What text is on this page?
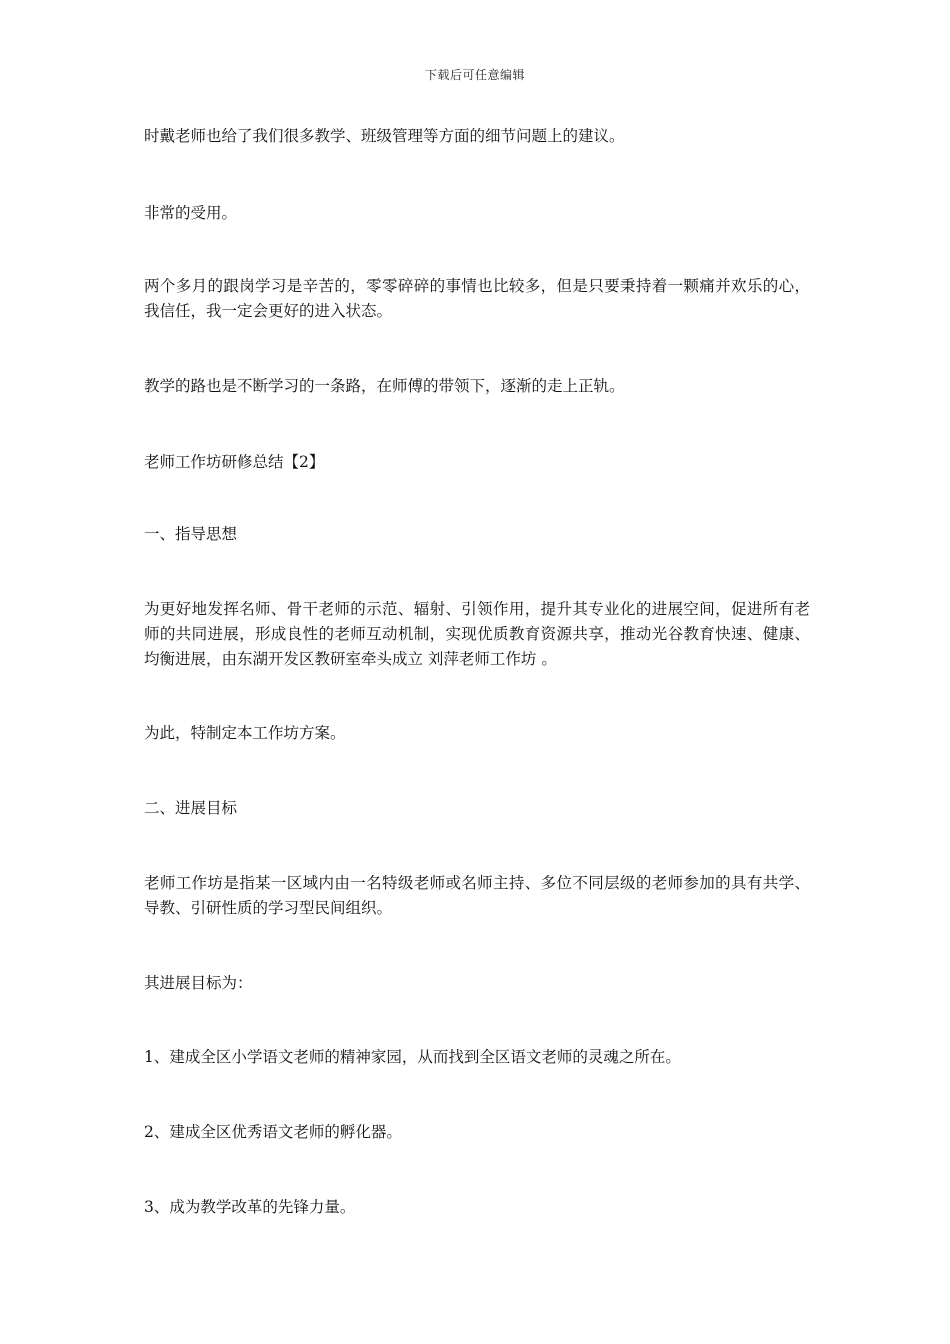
下载后可任意编辑

时戴老师也给了我们很多教学、班级管理等方面的细节问题上的建议。

非常的受用。

两个多月的跟岗学习是辛苦的，零零碎碎的事情也比较多，但是只要秉持着一颗痛并欢乐的心，我信任，我一定会更好的进入状态。

教学的路也是不断学习的一条路，在师傅的带领下，逐渐的走上正轨。

老师工作坊研修总结【2】

一、指导思想

为更好地发挥名师、骨干老师的示范、辐射、引领作用，提升其专业化的进展空间，促进所有老师的共同进展，形成良性的老师互动机制，实现优质教育资源共享，推动光谷教育快速、健康、均衡进展，由东湖开发区教研室牵头成立 刘萍老师工作坊 。

为此，特制定本工作坊方案。

二、进展目标

老师工作坊是指某一区域内由一名特级老师或名师主持、多位不同层级的老师参加的具有共学、导教、引研性质的学习型民间组织。

其进展目标为：

1、建成全区小学语文老师的精神家园，从而找到全区语文老师的灵魂之所在。

2、建成全区优秀语文老师的孵化器。

3、成为教学改革的先锋力量。
